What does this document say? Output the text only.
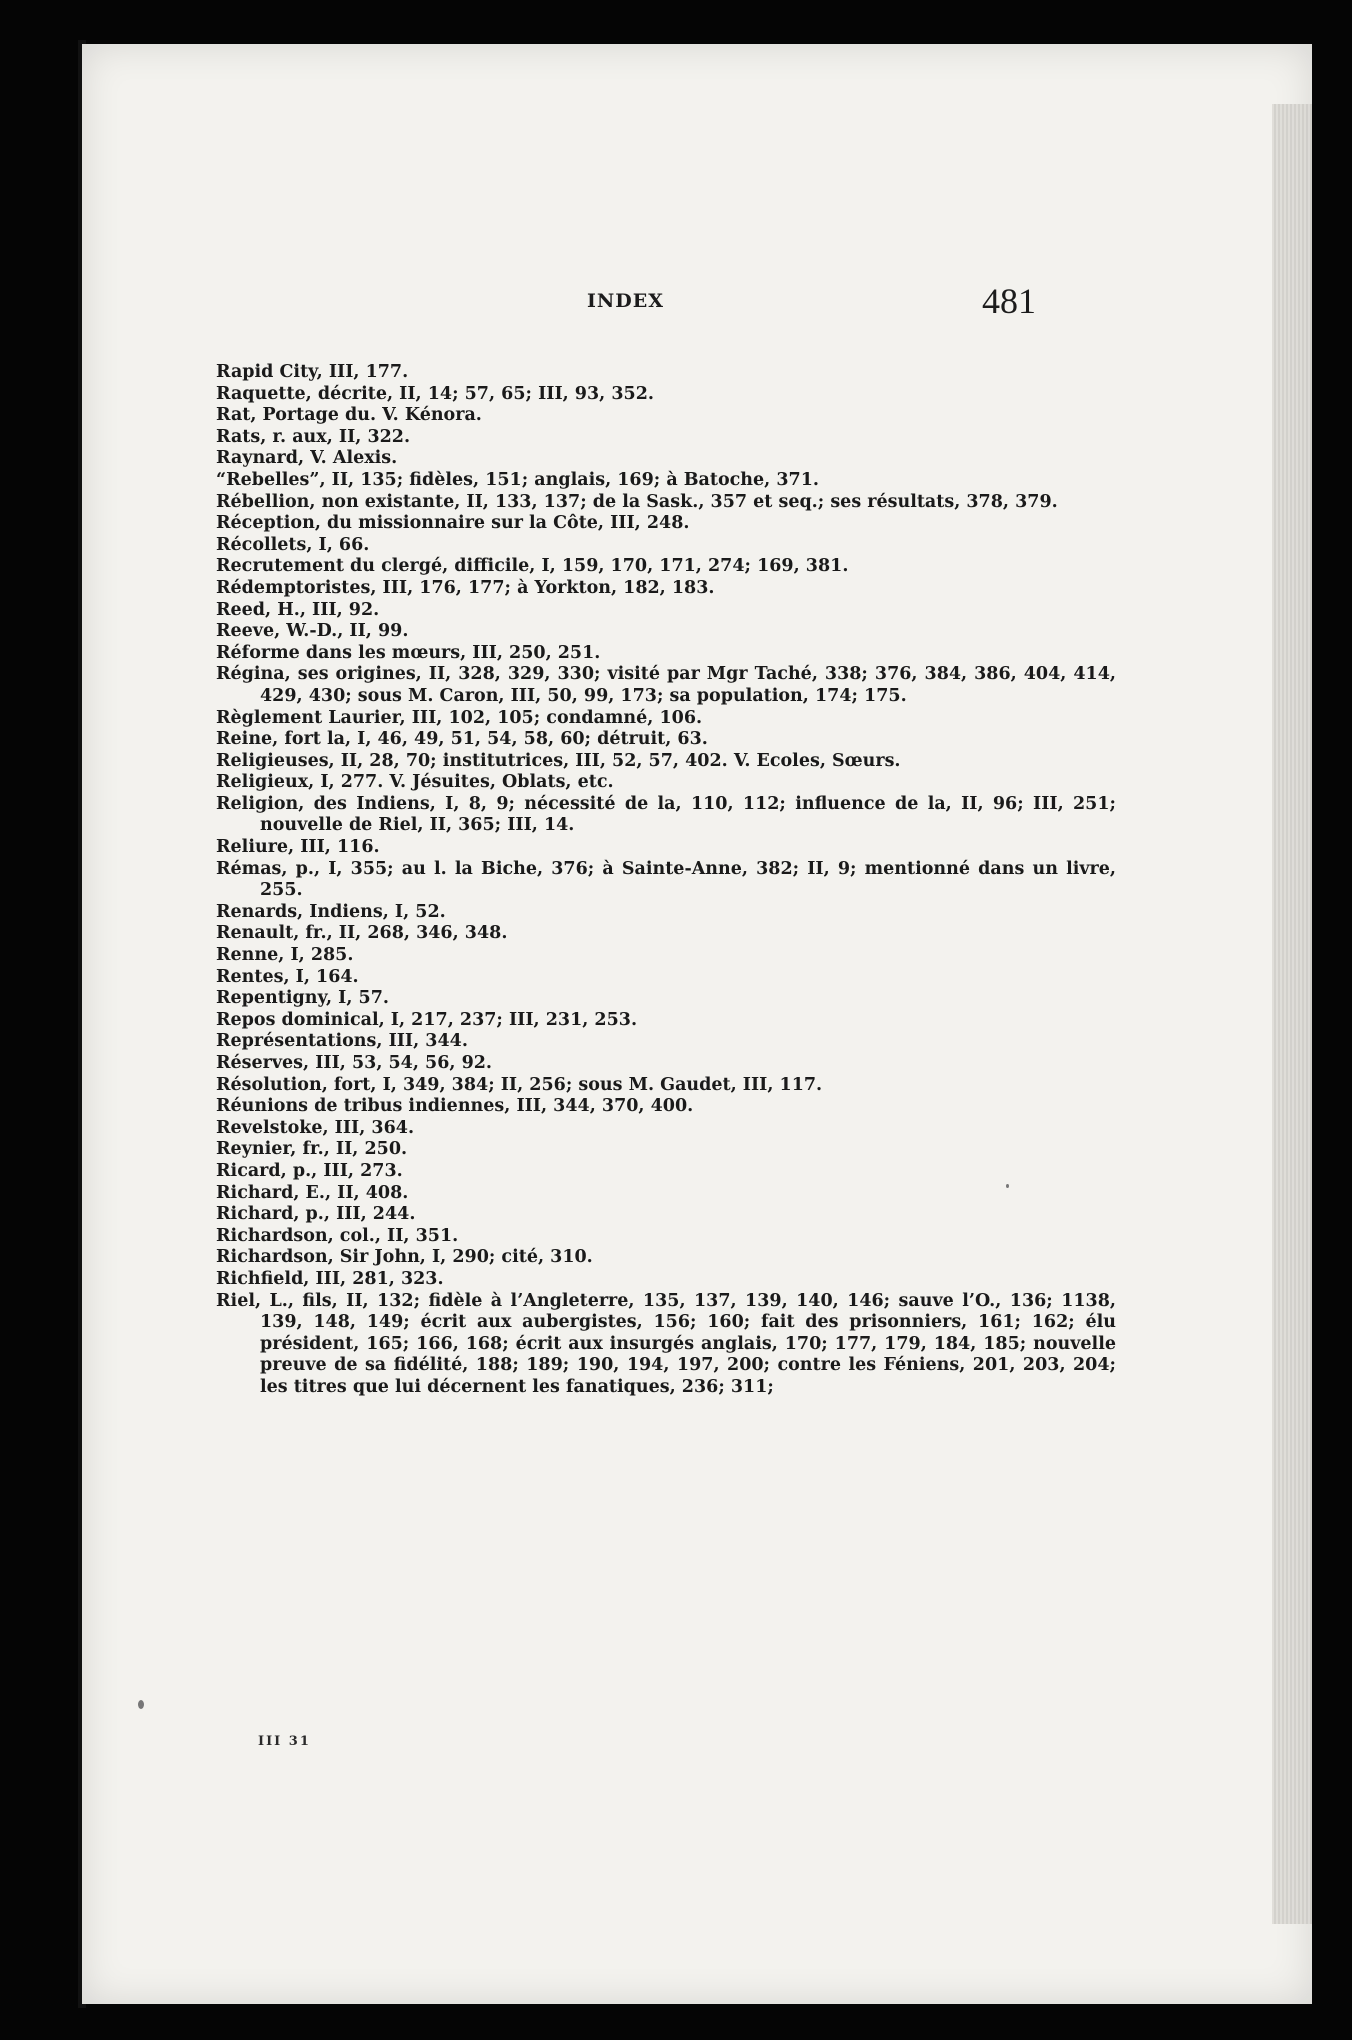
INDEX	481
Rapid City, III, 177.
Raquette, décrite, II, 14; 57, 65; III, 93, 352.
Rat, Portage du. V. Kénora.
Rats, r. aux, II, 322.
Raynard, V. Alexis.
“Rebelles”, II, 135; fidèles, 151; anglais, 169; à Batoche, 371.
Rébellion, non existante, II, 133, 137; de la Sask., 357 et seq.; ses résultats, 378, 379.
Réception, du missionnaire sur la Côte, III, 248.
Récollets, I, 66.
Recrutement du clergé, difficile, I, 159, 170, 171, 274; 169, 381.
Rédemptoristes, III, 176, 177; à Yorkton, 182, 183.
Reed, H., III, 92.
Reeve, W.-D., II, 99.
Réforme dans les mœurs, III, 250, 251.
Régina, ses origines, II, 328, 329, 330; visité par Mgr Taché, 338; 376, 384, 386, 404, 414, 429, 430; sous M. Caron, III, 50, 99, 173; sa population, 174; 175.
Règlement Laurier, III, 102, 105; condamné, 106.
Reine, fort la, I, 46, 49, 51, 54, 58, 60; détruit, 63.
Religieuses, II, 28, 70; institutrices, III, 52, 57, 402. V. Ecoles, Sœurs.
Religieux, I, 277. V. Jésuites, Oblats, etc.
Religion, des Indiens, I, 8, 9; nécessité de la, 110, 112; influence de la, II, 96; III, 251; nouvelle de Riel, II, 365; III, 14.
Reliure, III, 116.
Rémas, p., I, 355; au l. la Biche, 376; à Sainte-Anne, 382; II, 9; mentionné dans un livre, 255.
Renards, Indiens, I, 52.
Renault, fr., II, 268, 346, 348.
Renne, I, 285.
Rentes, I, 164.
Repentigny, I, 57.
Repos dominical, I, 217, 237; III, 231, 253.
Représentations, III, 344.
Réserves, III, 53, 54, 56, 92.
Résolution, fort, I, 349, 384; II, 256; sous M. Gaudet, III, 117.
Réunions de tribus indiennes, III, 344, 370, 400.
Revelstoke, III, 364.
Reynier, fr., II, 250.
Ricard, p., III, 273.
Richard, E., II, 408.
Richard, p., III, 244.
Richardson, col., II, 351.
Richardson, Sir John, I, 290; cité, 310.
Richfield, III, 281, 323.
Riel, L., fils, II, 132; fidèle à l’Angleterre, 135, 137, 139, 140, 146; sauve l’O., 136; 1138, 139, 148, 149; écrit aux aubergistes, 156; 160; fait des prisonniers, 161; 162; élu président, 165; 166, 168; écrit aux insurgés anglais, 170; 177, 179, 184, 185; nouvelle preuve de sa fidélité, 188; 189; 190, 194, 197, 200; contre les Féniens, 201, 203, 204; les titres que lui décernent les fanatiques, 236; 311;
III 31
